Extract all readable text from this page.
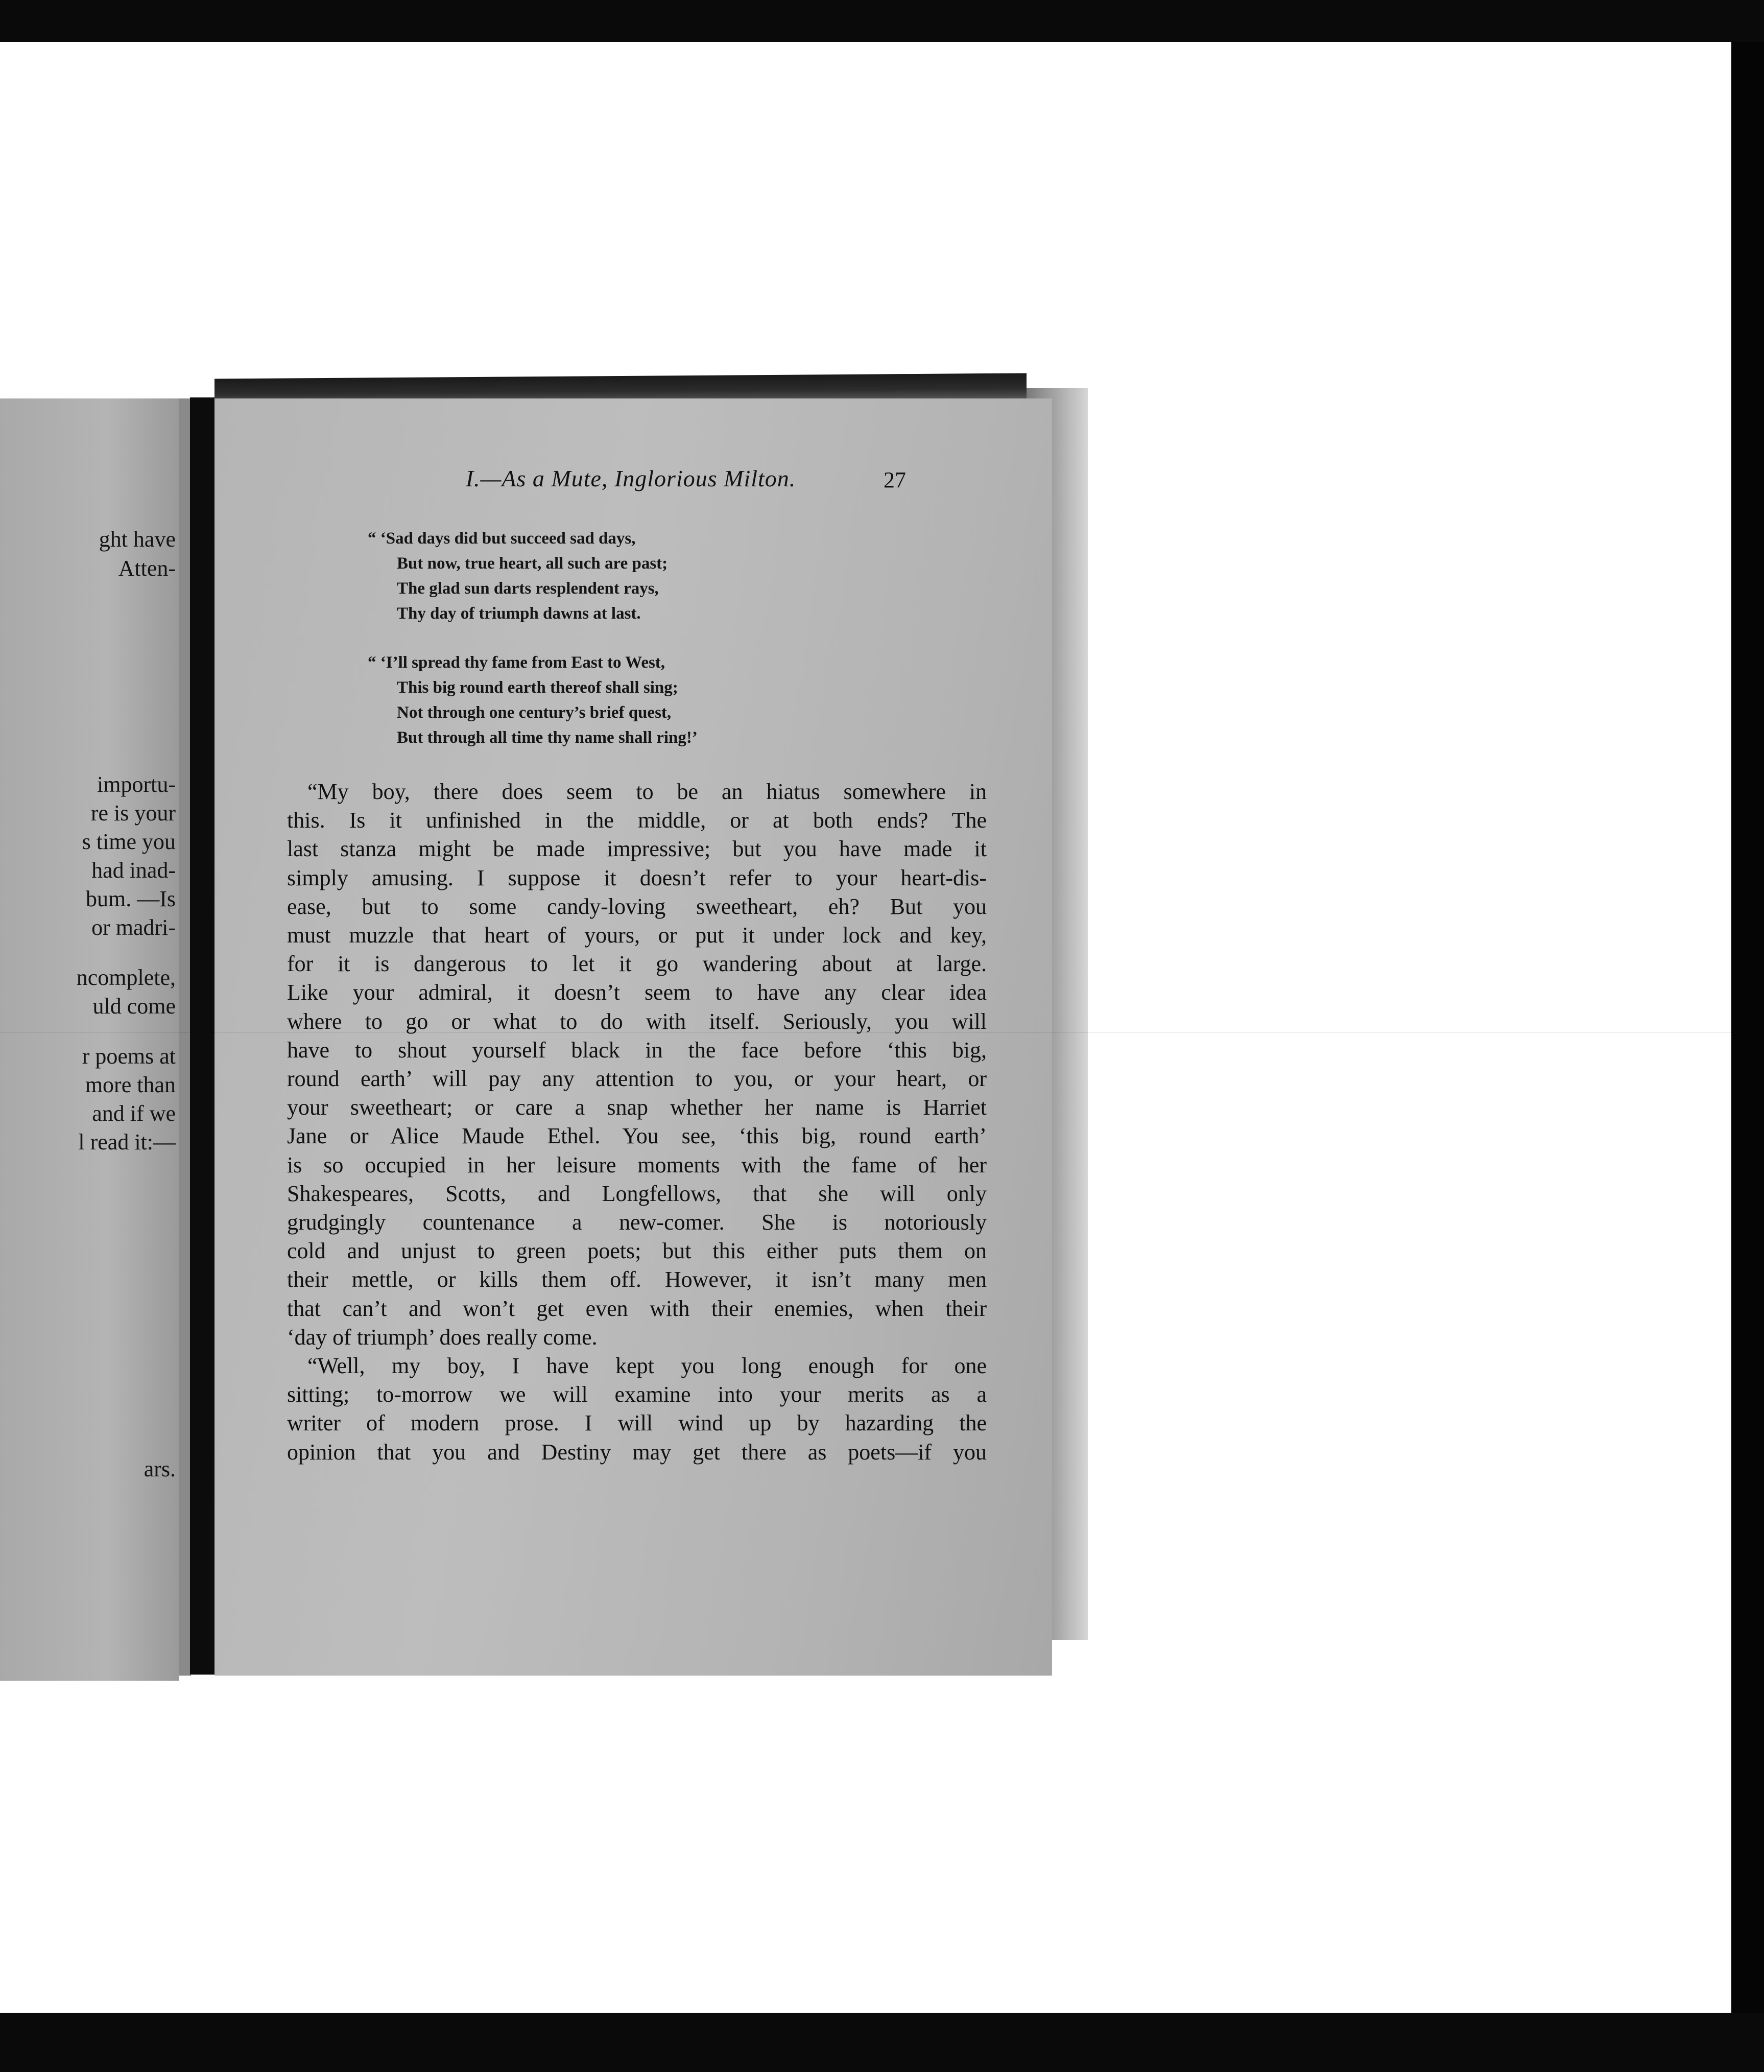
ght have
Atten-
importu-
re is your
s time you
had inad-
bum. —Is
or madri-
ncomplete,
uld come
r poems at
more than
and if we
l read it:—
ars.
I.—As a Mute, Inglorious Milton.	27
“ ‘Sad days did but succeed sad days,
But now, true heart, all such are past;
The glad sun darts resplendent rays,
Thy day of triumph dawns at last.
“ ‘I’ll spread thy fame from East to West,
This big round earth thereof shall sing;
Not through one century’s brief quest,
But through all time thy name shall ring!’
“My boy, there does seem to be an hiatus somewhere in
this. Is it unfinished in the middle, or at both ends? The
last stanza might be made impressive; but you have made it
simply amusing. I suppose it doesn’t refer to your heart-dis-
ease, but to some candy-loving sweetheart, eh? But you
must muzzle that heart of yours, or put it under lock and key,
for it is dangerous to let it go wandering about at large.
Like your admiral, it doesn’t seem to have any clear idea
where to go or what to do with itself. Seriously, you will
have to shout yourself black in the face before ‘this big,
round earth’ will pay any attention to you, or your heart, or
your sweetheart; or care a snap whether her name is Harriet
Jane or Alice Maude Ethel. You see, ‘this big, round earth’
is so occupied in her leisure moments with the fame of her
Shakespeares, Scotts, and Longfellows, that she will only
grudgingly countenance a new-comer. She is notoriously
cold and unjust to green poets; but this either puts them on
their mettle, or kills them off. However, it isn’t many men
that can’t and won’t get even with their enemies, when their
‘day of triumph’ does really come.
“Well, my boy, I have kept you long enough for one
sitting; to-morrow we will examine into your merits as a
writer of modern prose. I will wind up by hazarding the
opinion that you and Destiny may get there as poets—if you
